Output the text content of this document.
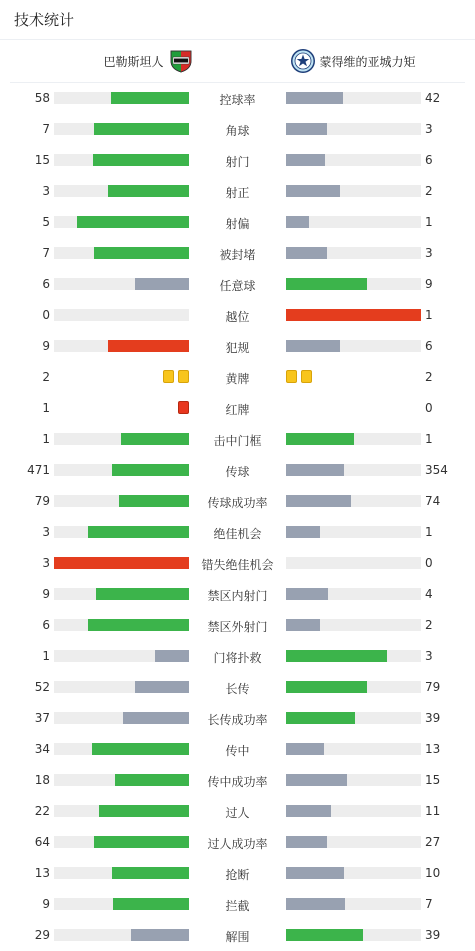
技术统计
巴勒斯坦人	蒙得维的亚城力矩
58	控球率	42
7	角球	3
15	射门	6
3	射正	2
5	射偏	1
7	被封堵	3
6	任意球	9
0	越位	1
9	犯规	6
2	黄牌	2
1	红牌	0
1	击中门框	1
471	传球	354
79	传球成功率	74
3	绝佳机会	1
3	错失绝佳机会	0
9	禁区内射门	4
6	禁区外射门	2
1	门将扑救	3
52	长传	79
37	长传成功率	39
34	传中	13
18	传中成功率	15
22	过人	11
64	过人成功率	27
13	抢断	10
9	拦截	7
29	解围	39
